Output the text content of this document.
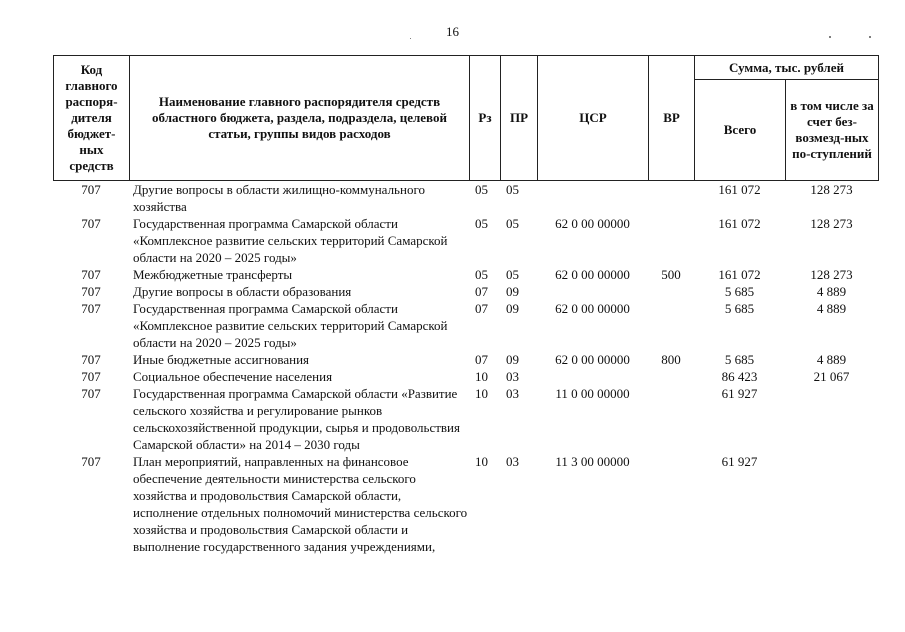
16
Код главного распоря-дителя бюджет-ных средств	Наименование главного распорядителя средств областного бюджета, раздела, подраздела, целевой статьи, группы видов расходов	Рз	ПР	ЦСР	ВР	Сумма, тыс. рублей	
						Всего	в том числе за счет без-возмезд-ных по-ступлений
707	Другие вопросы в области жилищно-коммунального хозяйства	05	05			161 072	128 273
707	Государственная программа Самарской области «Комплексное развитие сельских территорий Самарской области на 2020 – 2025 годы»	05	05	62 0 00 00000		161 072	128 273
707	Межбюджетные трансферты	05	05	62 0 00 00000	500	161 072	128 273
707	Другие вопросы в области образования	07	09			5 685	4 889
707	Государственная программа Самарской области «Комплексное развитие сельских территорий Самарской области на 2020 – 2025 годы»	07	09	62 0 00 00000		5 685	4 889
707	Иные бюджетные ассигнования	07	09	62 0 00 00000	800	5 685	4 889
707	Социальное обеспечение населения	10	03			86 423	21 067
707	Государственная программа Самарской области «Развитие сельского хозяйства и регулирование рынков сельскохозяйственной продукции, сырья и продовольствия Самарской области» на 2014 – 2030 годы	10	03	11 0 00 00000		61 927	
707	План мероприятий, направленных на финансовое обеспечение деятельности министерства сельского хозяйства и продовольствия Самарской области, исполнение отдельных полномочий министерства сельского хозяйства и продовольствия Самарской области и выполнение государственного задания учреждениями,	10	03	11 3 00 00000		61 927	
